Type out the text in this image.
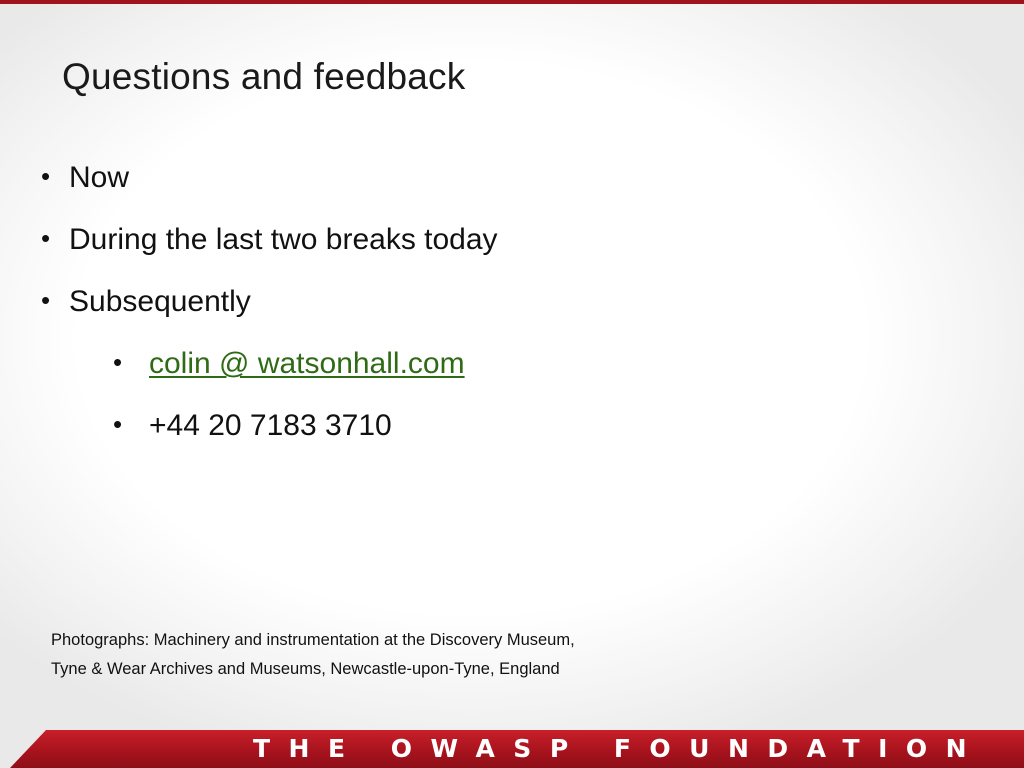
Questions and feedback
• Now
• During the last two breaks today
• Subsequently
• colin @ watsonhall.com
• +44 20 7183 3710
Photographs: Machinery and instrumentation at the Discovery Museum,
Tyne & Wear Archives and Museums, Newcastle-upon-Tyne, England
THE OWASP FOUNDATION
